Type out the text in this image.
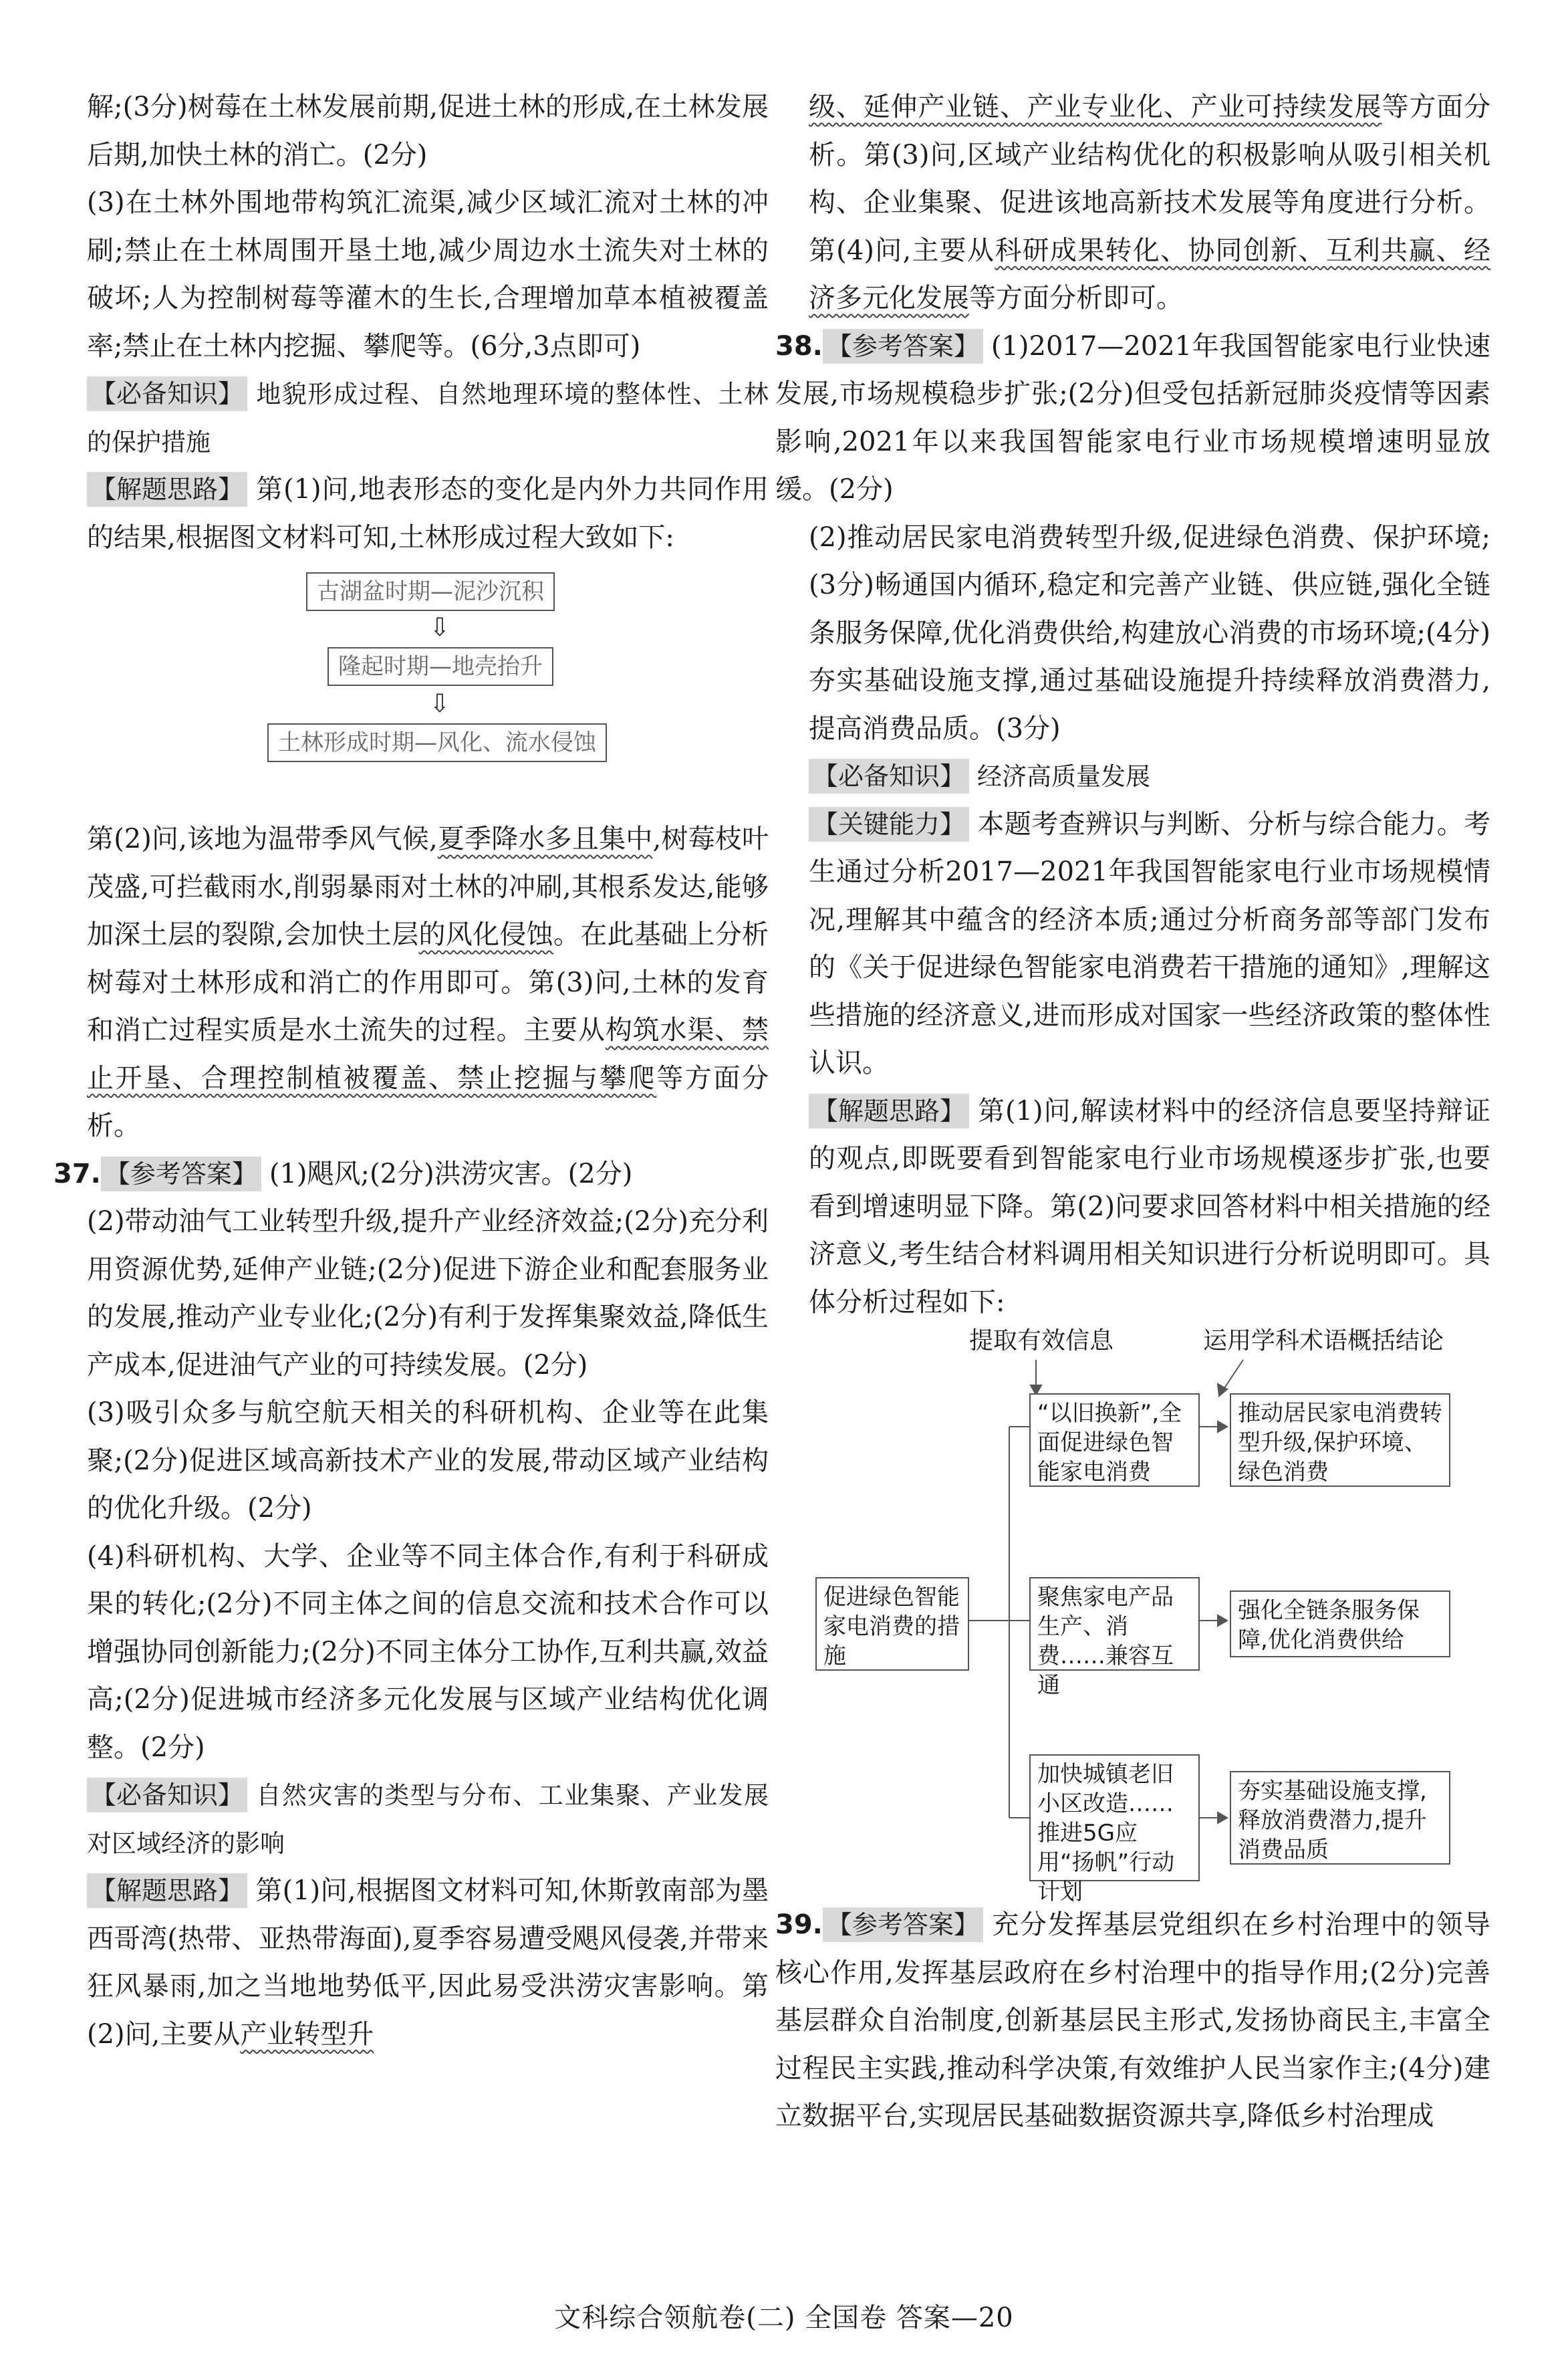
解;(3分)树莓在土林发展前期,促进土林的形成,在土林发展后期,加快土林的消亡。(2分)

(3)在土林外围地带构筑汇流渠,减少区域汇流对土林的冲刷;禁止在土林周围开垦土地,减少周边水土流失对土林的破坏;人为控制树莓等灌木的生长,合理增加草本植被覆盖率;禁止在土林内挖掘、攀爬等。(6分,3点即可)

【必备知识】 地貌形成过程、自然地理环境的整体性、土林的保护措施

【解题思路】 第(1)问,地表形态的变化是内外力共同作用的结果,根据图文材料可知,土林形成过程大致如下:

古湖盆时期—泥沙沉积
⇩
隆起时期—地壳抬升
⇩
土林形成时期—风化、流水侵蚀

第(2)问,该地为温带季风气候,夏季降水多且集中,树莓枝叶茂盛,可拦截雨水,削弱暴雨对土林的冲刷,其根系发达,能够加深土层的裂隙,会加快土层的风化侵蚀。在此基础上分析树莓对土林形成和消亡的作用即可。第(3)问,土林的发育和消亡过程实质是水土流失的过程。主要从构筑水渠、禁止开垦、合理控制植被覆盖、禁止挖掘与攀爬等方面分析。

37. 【参考答案】 (1)飓风;(2分)洪涝灾害。(2分)

(2)带动油气工业转型升级,提升产业经济效益;(2分)充分利用资源优势,延伸产业链;(2分)促进下游企业和配套服务业的发展,推动产业专业化;(2分)有利于发挥集聚效益,降低生产成本,促进油气产业的可持续发展。(2分)

(3)吸引众多与航空航天相关的科研机构、企业等在此集聚;(2分)促进区域高新技术产业的发展,带动区域产业结构的优化升级。(2分)

(4)科研机构、大学、企业等不同主体合作,有利于科研成果的转化;(2分)不同主体之间的信息交流和技术合作可以增强协同创新能力;(2分)不同主体分工协作,互利共赢,效益高;(2分)促进城市经济多元化发展与区域产业结构优化调整。(2分)

【必备知识】 自然灾害的类型与分布、工业集聚、产业发展对区域经济的影响

【解题思路】 第(1)问,根据图文材料可知,休斯敦南部为墨西哥湾(热带、亚热带海面),夏季容易遭受飓风侵袭,并带来狂风暴雨,加之当地地势低平,因此易受洪涝灾害影响。第(2)问,主要从产业转型升

级、延伸产业链、产业专业化、产业可持续发展等方面分析。第(3)问,区域产业结构优化的积极影响从吸引相关机构、企业集聚、促进该地高新技术发展等角度进行分析。第(4)问,主要从科研成果转化、协同创新、互利共赢、经济多元化发展等方面分析即可。

38. 【参考答案】 (1)2017—2021年我国智能家电行业快速发展,市场规模稳步扩张;(2分)但受包括新冠肺炎疫情等因素影响,2021年以来我国智能家电行业市场规模增速明显放缓。(2分)

(2)推动居民家电消费转型升级,促进绿色消费、保护环境;(3分)畅通国内循环,稳定和完善产业链、供应链,强化全链条服务保障,优化消费供给,构建放心消费的市场环境;(4分)夯实基础设施支撑,通过基础设施提升持续释放消费潜力,提高消费品质。(3分)

【必备知识】 经济高质量发展

【关键能力】 本题考查辨识与判断、分析与综合能力。考生通过分析2017—2021年我国智能家电行业市场规模情况,理解其中蕴含的经济本质;通过分析商务部等部门发布的《关于促进绿色智能家电消费若干措施的通知》,理解这些措施的经济意义,进而形成对国家一些经济政策的整体性认识。

【解题思路】 第(1)问,解读材料中的经济信息要坚持辩证的观点,即既要看到智能家电行业市场规模逐步扩张,也要看到增速明显下降。第(2)问要求回答材料中相关措施的经济意义,考生结合材料调用相关知识进行分析说明即可。具体分析过程如下:

提取有效信息	运用学科术语概括结论
促进绿色智能家电消费的措施
“以旧换新”,全面促进绿色智能家电消费
聚焦家电产品生产、消费……兼容互通
加快城镇老旧小区改造……推进5G应用“扬帆”行动计划
推动居民家电消费转型升级,保护环境、绿色消费
强化全链条服务保障,优化消费供给
夯实基础设施支撑,释放消费潜力,提升消费品质

39. 【参考答案】 充分发挥基层党组织在乡村治理中的领导核心作用,发挥基层政府在乡村治理中的指导作用;(2分)完善基层群众自治制度,创新基层民主形式,发扬协商民主,丰富全过程民主实践,推动科学决策,有效维护人民当家作主;(4分)建立数据平台,实现居民基础数据资源共享,降低乡村治理成

文科综合领航卷(二) 全国卷 答案—20
